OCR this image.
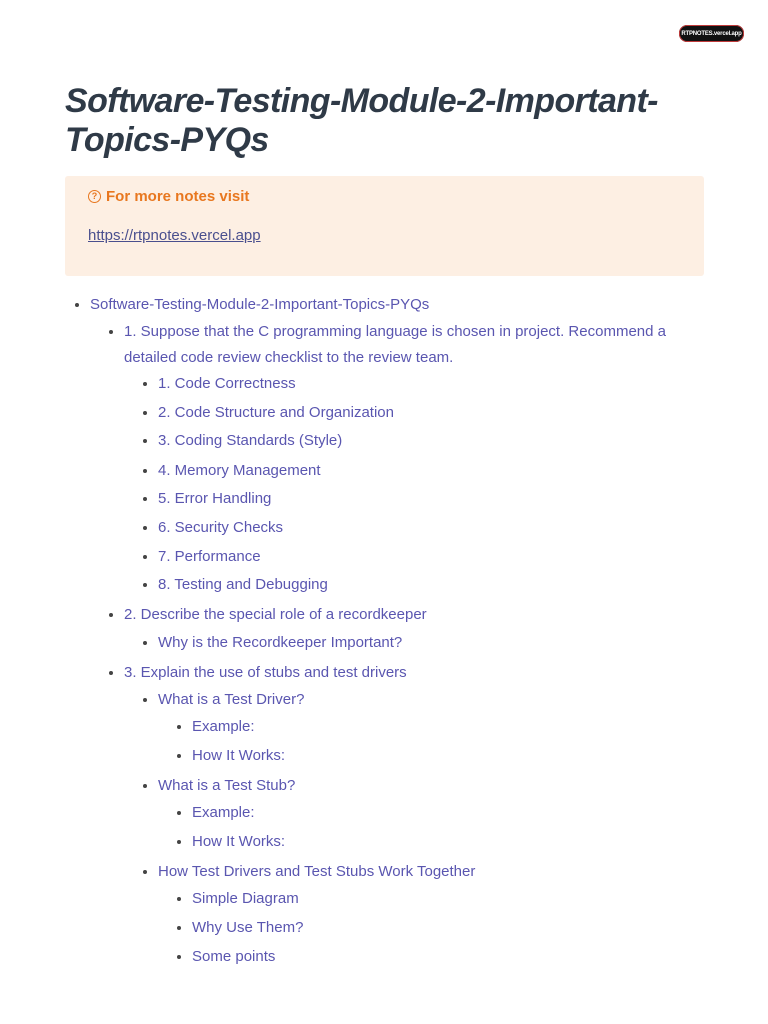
RTPNOTES.vercel.app
Software-Testing-Module-2-Important-Topics-PYQs
? For more notes visit
https://rtpnotes.vercel.app
Software-Testing-Module-2-Important-Topics-PYQs
1. Suppose that the C programming language is chosen in project. Recommend a detailed code review checklist to the review team.
1. Code Correctness
2. Code Structure and Organization
3. Coding Standards (Style)
4. Memory Management
5. Error Handling
6. Security Checks
7. Performance
8. Testing and Debugging
2. Describe the special role of a recordkeeper
Why is the Recordkeeper Important?
3. Explain the use of stubs and test drivers
What is a Test Driver?
Example:
How It Works:
What is a Test Stub?
Example:
How It Works:
How Test Drivers and Test Stubs Work Together
Simple Diagram
Why Use Them?
Some points
